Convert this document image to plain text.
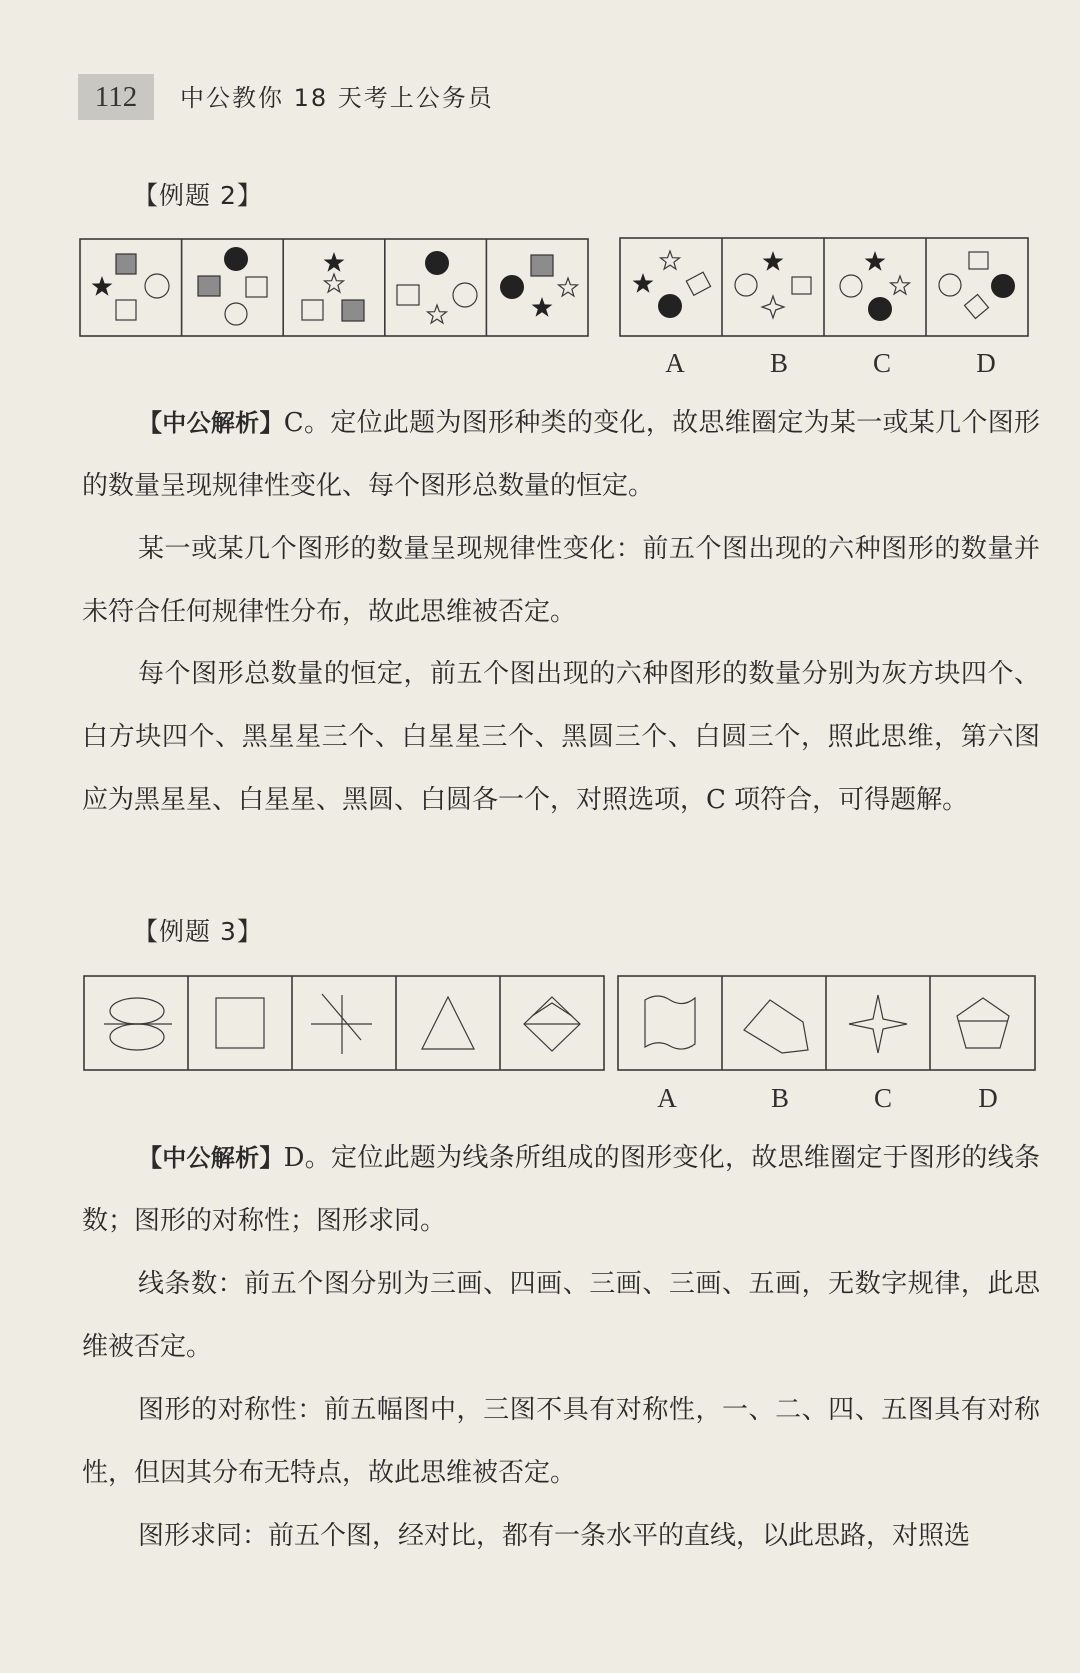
112	中公教你 18 天考上公务员
【例题 2】
A	B	C	D

【中公解析】C。定位此题为图形种类的变化，故思维圈定为某一或某几个图形的数量呈现规律性变化、每个图形总数量的恒定。

某一或某几个图形的数量呈现规律性变化：前五个图出现的六种图形的数量并未符合任何规律性分布，故此思维被否定。

每个图形总数量的恒定，前五个图出现的六种图形的数量分别为灰方块四个、白方块四个、黑星星三个、白星星三个、黑圆三个、白圆三个，照此思维，第六图应为黑星星、白星星、黑圆、白圆各一个，对照选项，C 项符合，可得题解。

【例题 3】
A	B	C	D

【中公解析】D。定位此题为线条所组成的图形变化，故思维圈定于图形的线条数；图形的对称性；图形求同。

线条数：前五个图分别为三画、四画、三画、三画、五画，无数字规律，此思维被否定。

图形的对称性：前五幅图中，三图不具有对称性，一、二、四、五图具有对称性，但因其分布无特点，故此思维被否定。

图形求同：前五个图，经对比，都有一条水平的直线，以此思路，对照选
